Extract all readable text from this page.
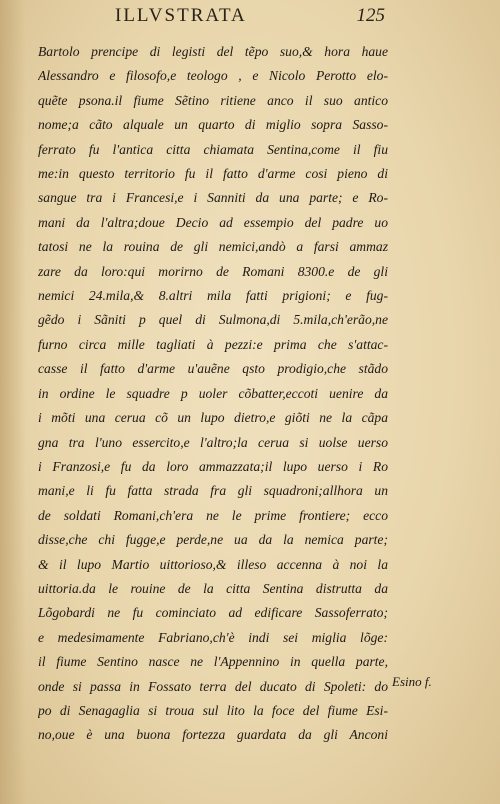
ILLVSTRATA	125
Bartolo prencipe di legisti del tẽpo suo,& hora haue
Alessandro e filosofo,e teologo , e Nicolo Perotto elo-
quẽte psona.il fiume Sẽtino ritiene anco il suo antico
nome;a cãto alquale un quarto di miglio sopra Sasso-
ferrato fu l'antica citta chiamata Sentina,come il fiu
me:in questo territorio fu il fatto d'arme cosi pieno di
sangue tra i Francesi,e i Sanniti da una parte; e Ro-
mani da l'altra;doue Decio ad essempio del padre uo
tatosi ne la rouina de gli nemici,andò a farsi ammaz
zare da loro:qui morirno de Romani 8300.e de gli
nemici 24.mila,& 8.altri mila fatti prigioni; e fug-
gẽdo i Sãniti p quel di Sulmona,di 5.mila,ch'erão,ne
furno circa mille tagliati à pezzi:e prima che s'attac-
casse il fatto d'arme u'auẽne qsto prodigio,che stãdo
in ordine le squadre p uoler cõbatter,eccoti uenire da
i mõti una cerua cõ un lupo dietro,e giõti ne la cãpa
gna tra l'uno essercito,e l'altro;la cerua si uolse uerso
i Franzosi,e fu da loro ammazzata;il lupo uerso i Ro
mani,e li fu fatta strada fra gli squadroni;allhora un
de soldati Romani,ch'era ne le prime frontiere; ecco
disse,che chi fugge,e perde,ne ua da la nemica parte;
& il lupo Martio uittorioso,& illeso accenna à noi la
uittoria.da le rouine de la citta Sentina distrutta da
Lõgobardi ne fu cominciato ad edificare Sassoferrato;
e medesimamente Fabriano,ch'è indi sei miglia lõge:
il fiume Sentino nasce ne l'Appennino in quella parte,
onde si passa in Fossato terra del ducato di Spoleti: do
po di Senagaglia si troua sul lito la foce del fiume Esi-
no,oue è una buona fortezza guardata da gli Anconi
Esino f.
